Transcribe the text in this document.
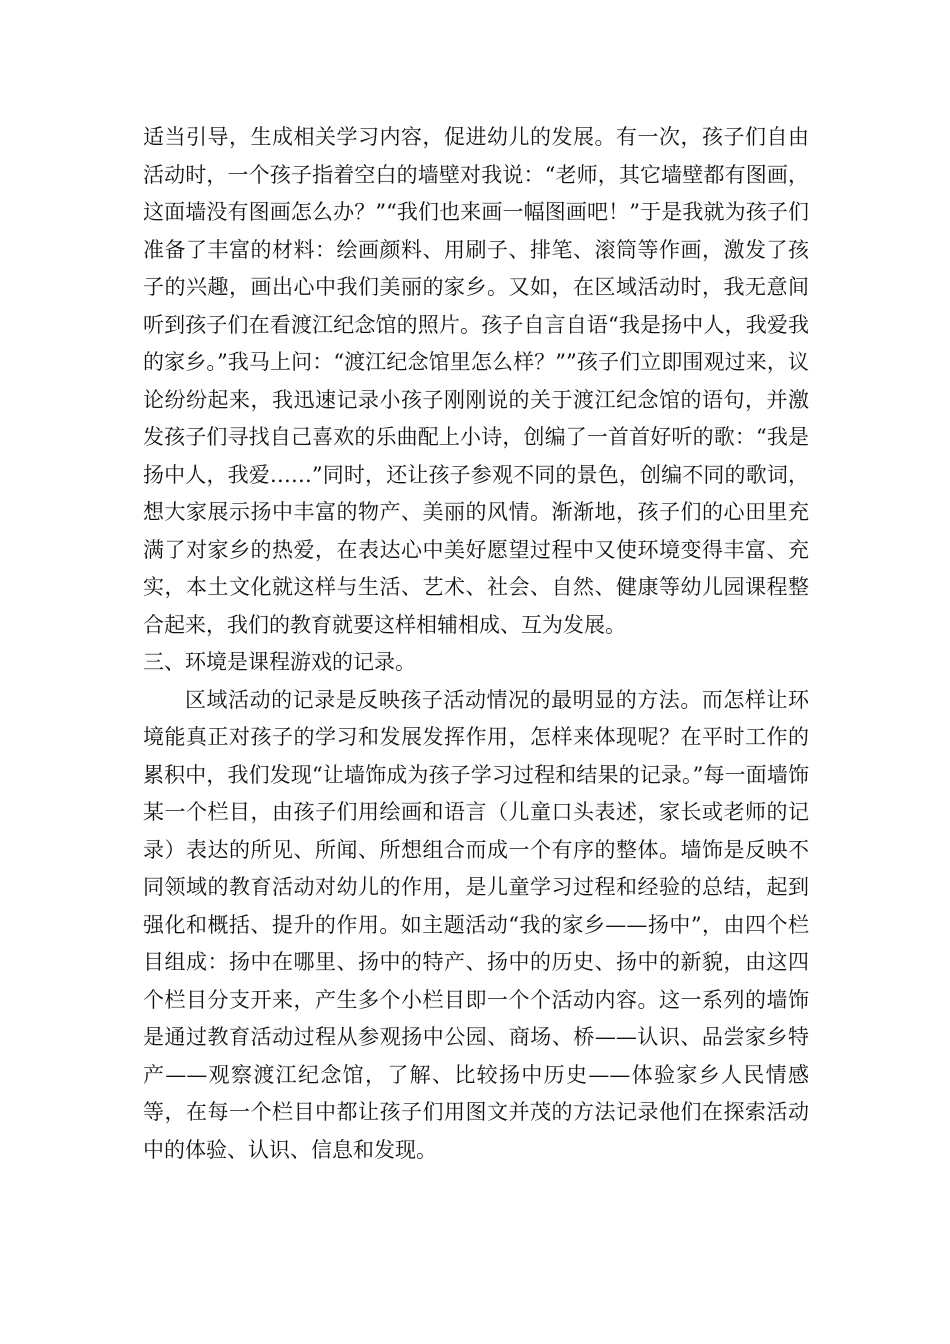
适当引导，生成相关学习内容，促进幼儿的发展。有一次，孩子们自由活动时，一个孩子指着空白的墙壁对我说：“老师，其它墙壁都有图画，这面墙没有图画怎么办？”“我们也来画一幅图画吧！”于是我就为孩子们准备了丰富的材料：绘画颜料、用刷子、排笔、滚筒等作画，激发了孩子的兴趣，画出心中我们美丽的家乡。又如，在区域活动时，我无意间听到孩子们在看渡江纪念馆的照片。孩子自言自语“我是扬中人，我爱我的家乡。”我马上问：“渡江纪念馆里怎么样？””孩子们立即围观过来，议论纷纷起来，我迅速记录小孩子刚刚说的关于渡江纪念馆的语句，并激发孩子们寻找自己喜欢的乐曲配上小诗，创编了一首首好听的歌：“我是扬中人，我爱……”同时，还让孩子参观不同的景色，创编不同的歌词，想大家展示扬中丰富的物产、美丽的风情。渐渐地，孩子们的心田里充满了对家乡的热爱，在表达心中美好愿望过程中又使环境变得丰富、充实，本土文化就这样与生活、艺术、社会、自然、健康等幼儿园课程整合起来，我们的教育就要这样相辅相成、互为发展。

三、环境是课程游戏的记录。

区域活动的记录是反映孩子活动情况的最明显的方法。而怎样让环境能真正对孩子的学习和发展发挥作用，怎样来体现呢？在平时工作的累积中，我们发现“让墙饰成为孩子学习过程和结果的记录。”每一面墙饰某一个栏目，由孩子们用绘画和语言（儿童口头表述，家长或老师的记录）表达的所见、所闻、所想组合而成一个有序的整体。墙饰是反映不同领域的教育活动对幼儿的作用，是儿童学习过程和经验的总结，起到强化和概括、提升的作用。如主题活动“我的家乡——扬中”，由四个栏目组成：扬中在哪里、扬中的特产、扬中的历史、扬中的新貌，由这四个栏目分支开来，产生多个小栏目即一个个活动内容。这一系列的墙饰是通过教育活动过程从参观扬中公园、商场、桥——认识、品尝家乡特产——观察渡江纪念馆，了解、比较扬中历史——体验家乡人民情感等，在每一个栏目中都让孩子们用图文并茂的方法记录他们在探索活动中的体验、认识、信息和发现。
